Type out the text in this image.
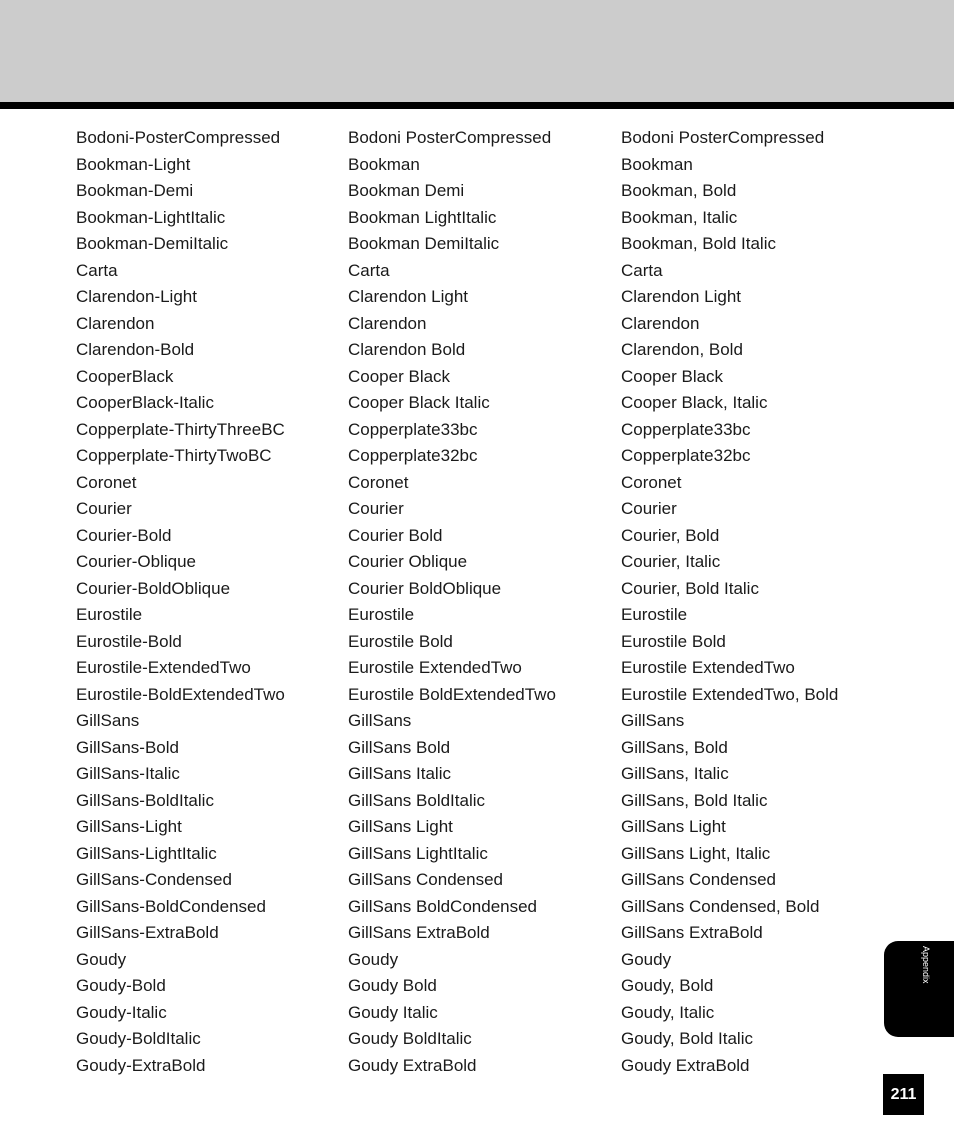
Bodoni-PosterCompressed
Bookman-Light
Bookman-Demi
Bookman-LightItalic
Bookman-DemiItalic
Carta
Clarendon-Light
Clarendon
Clarendon-Bold
CooperBlack
CooperBlack-Italic
Copperplate-ThirtyThreeBC
Copperplate-ThirtyTwoBC
Coronet
Courier
Courier-Bold
Courier-Oblique
Courier-BoldOblique
Eurostile
Eurostile-Bold
Eurostile-ExtendedTwo
Eurostile-BoldExtendedTwo
GillSans
GillSans-Bold
GillSans-Italic
GillSans-BoldItalic
GillSans-Light
GillSans-LightItalic
GillSans-Condensed
GillSans-BoldCondensed
GillSans-ExtraBold
Goudy
Goudy-Bold
Goudy-Italic
Goudy-BoldItalic
Goudy-ExtraBold
Bodoni PosterCompressed
Bookman
Bookman Demi
Bookman LightItalic
Bookman DemiItalic
Carta
Clarendon Light
Clarendon
Clarendon Bold
Cooper Black
Cooper Black Italic
Copperplate33bc
Copperplate32bc
Coronet
Courier
Courier Bold
Courier Oblique
Courier BoldOblique
Eurostile
Eurostile Bold
Eurostile ExtendedTwo
Eurostile BoldExtendedTwo
GillSans
GillSans Bold
GillSans Italic
GillSans BoldItalic
GillSans Light
GillSans LightItalic
GillSans Condensed
GillSans BoldCondensed
GillSans ExtraBold
Goudy
Goudy Bold
Goudy Italic
Goudy BoldItalic
Goudy ExtraBold
Bodoni PosterCompressed
Bookman
Bookman, Bold
Bookman, Italic
Bookman, Bold Italic
Carta
Clarendon Light
Clarendon
Clarendon, Bold
Cooper Black
Cooper Black, Italic
Copperplate33bc
Copperplate32bc
Coronet
Courier
Courier, Bold
Courier, Italic
Courier, Bold Italic
Eurostile
Eurostile Bold
Eurostile ExtendedTwo
Eurostile ExtendedTwo, Bold
GillSans
GillSans, Bold
GillSans, Italic
GillSans, Bold Italic
GillSans Light
GillSans Light, Italic
GillSans Condensed
GillSans Condensed, Bold
GillSans ExtraBold
Goudy
Goudy, Bold
Goudy, Italic
Goudy, Bold Italic
Goudy ExtraBold
Appendix
211
